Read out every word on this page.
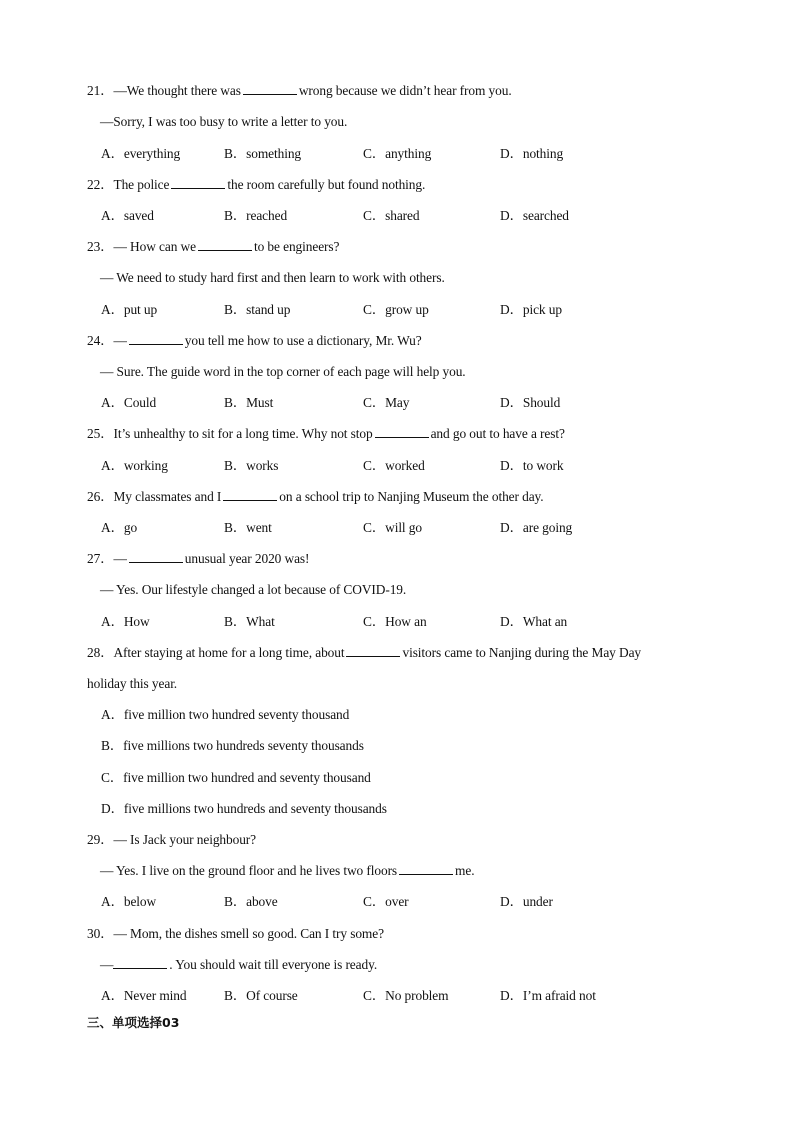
21．—We thought there was	wrong because we didn’t hear from you.
—Sorry, I was too busy to write a letter to you.
A．everything	B．something	C．anything	D．nothing
22．The police	the room carefully but found nothing.
A．saved	B．reached	C．shared	D．searched
23．— How can we	to be engineers?
— We need to study hard first and then learn to work with others.
A．put up	B．stand up	C．grow up	D．pick up
24．—	you tell me how to use a dictionary, Mr. Wu?
— Sure. The guide word in the top corner of each page will help you.
A．Could	B．Must	C．May	D．Should
25．It’s unhealthy to sit for a long time. Why not stop	and go out to have a rest?
A．working	B．works	C．worked	D．to work
26．My classmates and I	on a school trip to Nanjing Museum the other day.
A．go	B．went	C．will go	D．are going
27．—	unusual year 2020 was!
— Yes. Our lifestyle changed a lot because of COVID-19.
A．How	B．What	C．How an	D．What an
28．After staying at home for a long time, about	visitors came to Nanjing during the May Day
holiday this year.
A．five million two hundred seventy thousand
B．five millions two hundreds seventy thousands
C．five million two hundred and seventy thousand
D．five millions two hundreds and seventy thousands
29．— Is Jack your neighbour?
— Yes. I live on the ground floor and he lives two floors	me.
A．below	B．above	C．over	D．under
30．— Mom, the dishes smell so good. Can I try some?
—	. You should wait till everyone is ready.
A．Never mind	B．Of course	C．No problem	D．I’m afraid not
三、单项选择03
